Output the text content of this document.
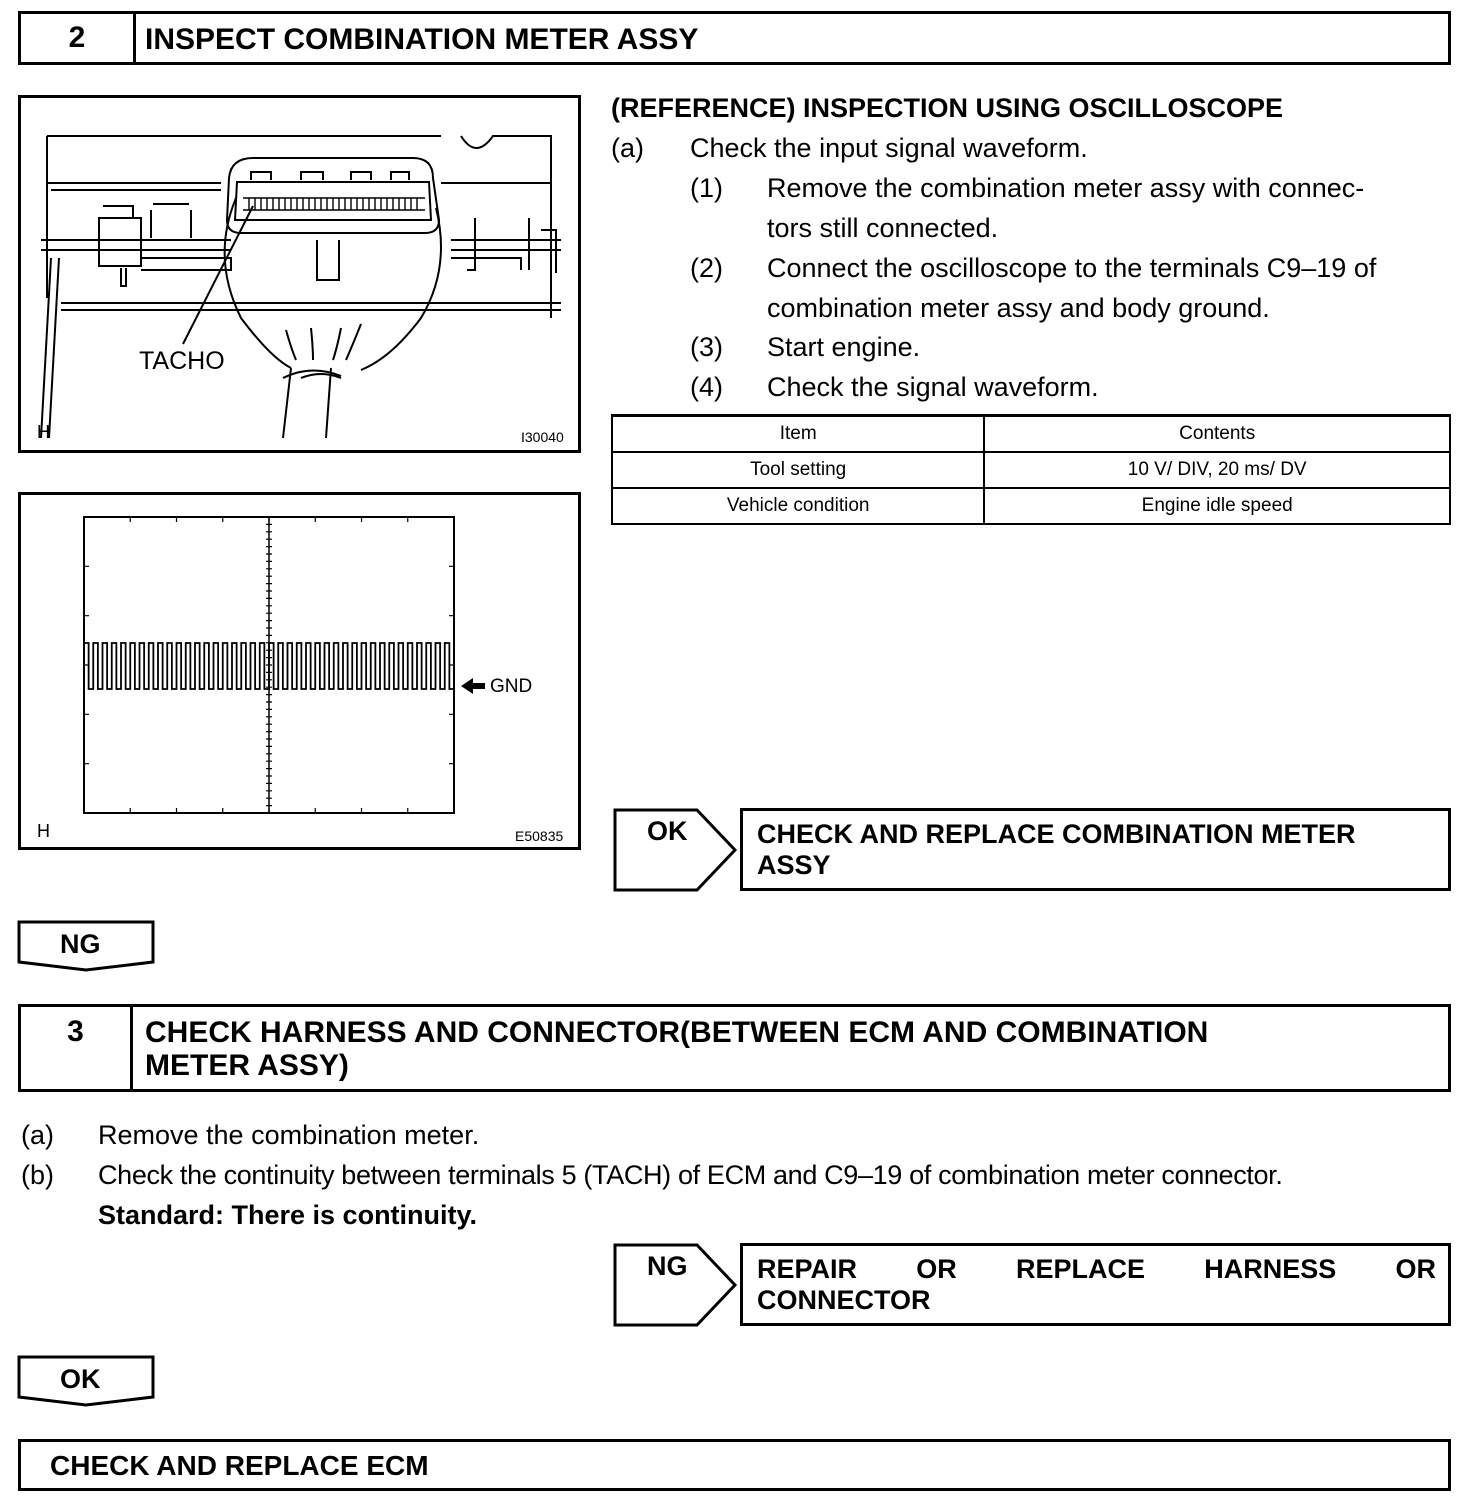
2	INSPECT COMBINATION METER ASSY
TACHO
H	I30040
GND
H	E50835
(REFERENCE) INSPECTION USING OSCILLOSCOPE
(a) Check the input signal waveform.
(1) Remove the combination meter assy with connec-
tors still connected.
(2) Connect the oscilloscope to the terminals C9–19 of
combination meter assy and body ground.
(3) Start engine.
(4) Check the signal waveform.
Item	Contents
Tool setting	10 V/ DIV, 20 ms/ DV
Vehicle condition	Engine idle speed
OK	CHECK AND REPLACE COMBINATION METER
ASSY
NG
3	CHECK HARNESS AND CONNECTOR(BETWEEN ECM AND COMBINATION
METER ASSY)
(a) Remove the combination meter.
(b) Check the continuity between terminals 5 (TACH) of ECM and C9–19 of combination meter connector.
Standard: There is continuity.
NG	REPAIR OR REPLACE HARNESS OR
CONNECTOR
OK
CHECK AND REPLACE ECM
